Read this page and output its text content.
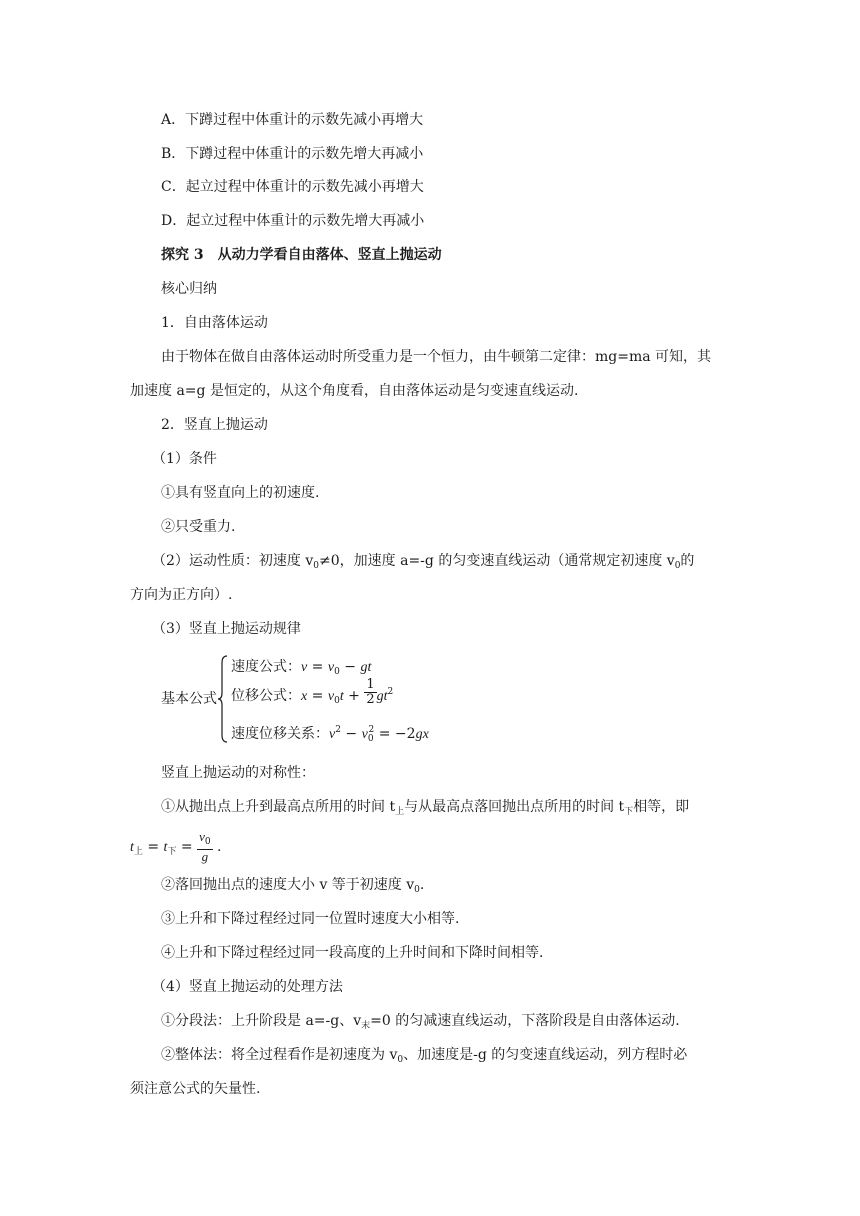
A．下蹲过程中体重计的示数先减小再增大
B．下蹲过程中体重计的示数先增大再减小
C．起立过程中体重计的示数先减小再增大
D．起立过程中体重计的示数先增大再减小
探究 3　从动力学看自由落体、竖直上抛运动
核心归纳
1．自由落体运动
由于物体在做自由落体运动时所受重力是一个恒力，由牛顿第二定律：mg=ma 可知，其
加速度 a=g 是恒定的，从这个角度看，自由落体运动是匀变速直线运动.
2．竖直上抛运动
（1）条件
①具有竖直向上的初速度.
②只受重力.
（2）运动性质：初速度 $v_0\ne 0$，加速度 a=-g 的匀变速直线运动（通常规定初速度 $v_0$的
方向为正方向）.
（3）竖直上抛运动规律
基本公式
速度公式：$v = v_0$ − gt
位移公式：$x = v_0t + \frac{1}{2} gt^2$
速度位移关系：$v^2 - v_0^2 = -2gx$
竖直上抛运动的对称性：
①从抛出点上升到最高点所用的时间 $t_上$与从最高点落回抛出点所用的时间 $t_下$相等，即
$t_上 = t_下 = \frac{v_0}{g}$ .
②落回抛出点的速度大小 v 等于初速度 $v_0$.
③上升和下降过程经过同一位置时速度大小相等.
④上升和下降过程经过同一段高度的上升时间和下降时间相等.
（4）竖直上抛运动的处理方法
①分段法：上升阶段是 a=-g、$v_末=0$ 的匀减速直线运动，下落阶段是自由落体运动.
②整体法：将全过程看作是初速度为 $v_0$、加速度是-g 的匀变速直线运动，列方程时必
须注意公式的矢量性.
